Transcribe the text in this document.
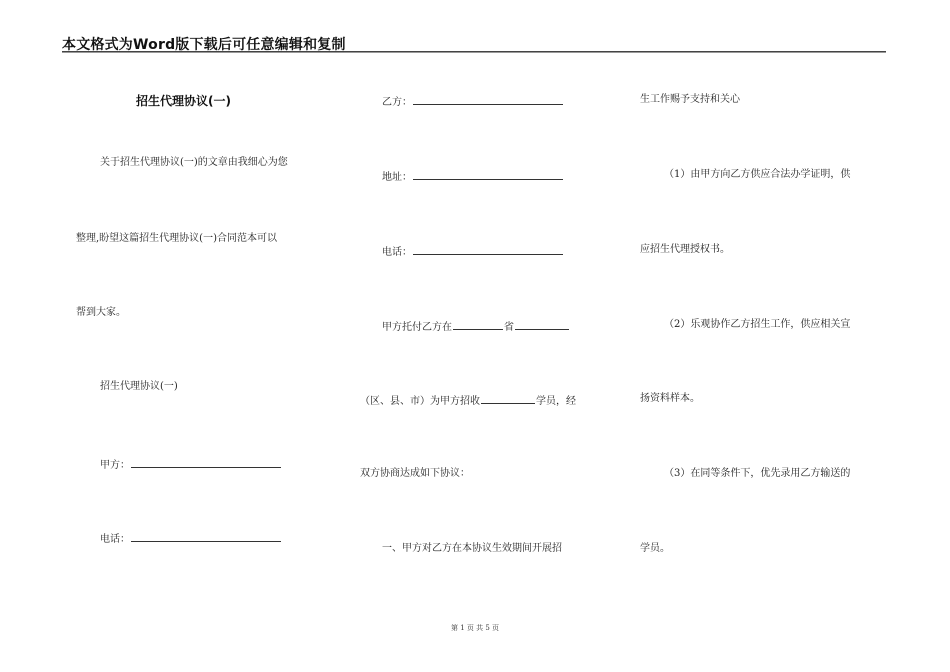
本文格式为Word版下载后可任意编辑和复制
招生代理协议(一)
关于招生代理协议(一)的文章由我细心为您
整理,盼望这篇招生代理协议(一)合同范本可以
帮到大家。
招生代理协议(一)
甲方：
电话：
乙方：
地址：
电话：
甲方托付乙方在	省
（区、县、市）为甲方招收	学员，经
双方协商达成如下协议：
一、甲方对乙方在本协议生效期间开展招
生工作赐予支持和关心
（1）由甲方向乙方供应合法办学证明，供
应招生代理授权书。
（2）乐观协作乙方招生工作，供应相关宣
扬资料样本。
（3）在同等条件下，优先录用乙方输送的
学员。
第 1 页 共 5 页
